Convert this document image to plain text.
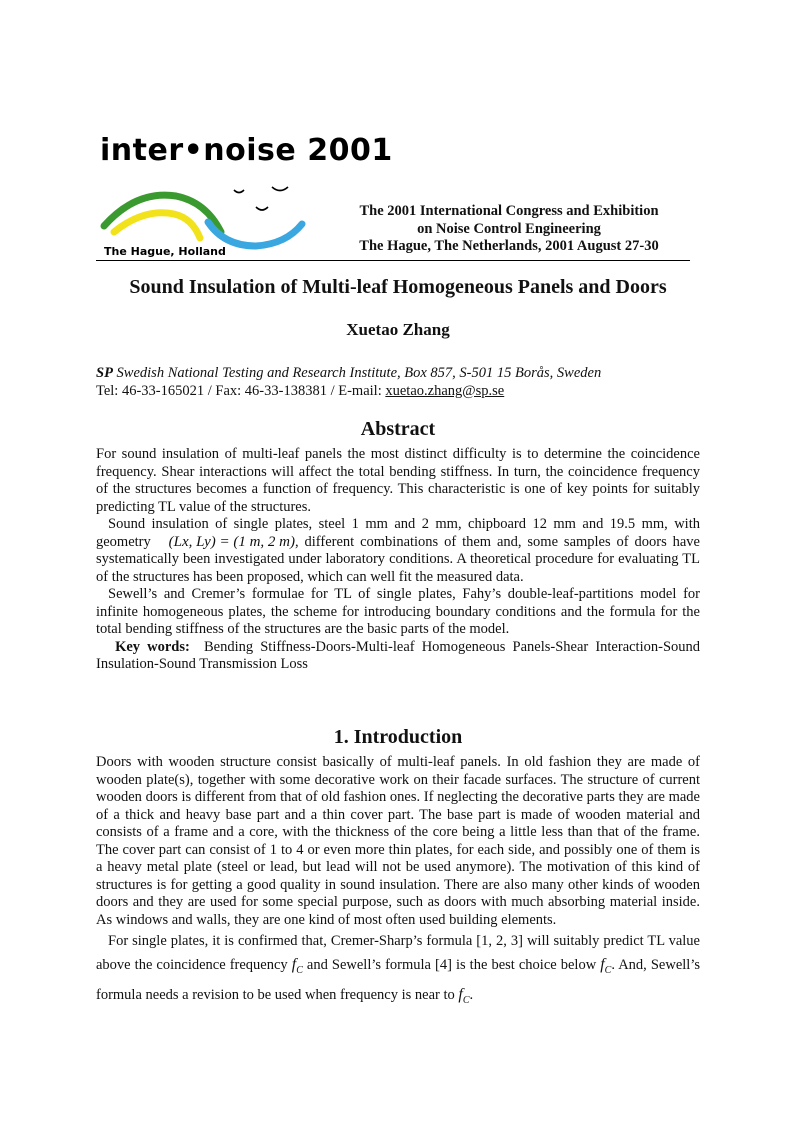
inter•noise 2001
The Hague, Holland
The 2001 International Congress and Exhibition
on Noise Control Engineering
The Hague, The Netherlands, 2001 August 27-30
Sound Insulation of Multi-leaf Homogeneous Panels and Doors
Xuetao Zhang
SP Swedish National Testing and Research Institute, Box 857, S-501 15 Borås, Sweden
Tel: 46-33-165021 / Fax: 46-33-138381 / E-mail: xuetao.zhang@sp.se
Abstract

For sound insulation of multi-leaf panels the most distinct difficulty is to determine the coincidence frequency. Shear interactions will affect the total bending stiffness. In turn, the coincidence frequency of the structures becomes a function of frequency. This characteristic is one of key points for suitably predicting TL value of the structures.

Sound insulation of single plates, steel 1 mm and 2 mm, chipboard 12 mm and 19.5 mm, with geometry (Lx, Ly) = (1 m, 2 m), different combinations of them and, some samples of doors have systematically been investigated under laboratory conditions. A theoretical procedure for evaluating TL of the structures has been proposed, which can well fit the measured data.

Sewell’s and Cremer’s formulae for TL of single plates, Fahy’s double-leaf-partitions model for infinite homogeneous plates, the scheme for introducing boundary conditions and the formula for the total bending stiffness of the structures are the basic parts of the model.

Key words: Bending Stiffness-Doors-Multi-leaf Homogeneous Panels-Shear Interaction-Sound Insulation-Sound Transmission Loss

1. Introduction

Doors with wooden structure consist basically of multi-leaf panels. In old fashion they are made of wooden plate(s), together with some decorative work on their facade surfaces. The structure of current wooden doors is different from that of old fashion ones. If neglecting the decorative parts they are made of a thick and heavy base part and a thin cover part. The base part is made of wooden material and consists of a frame and a core, with the thickness of the core being a little less than that of the frame. The cover part can consist of 1 to 4 or even more thin plates, for each side, and possibly one of them is a heavy metal plate (steel or lead, but lead will not be used anymore). The motivation of this kind of structures is for getting a good quality in sound insulation. There are also many other kinds of wooden doors and they are used for some special purpose, such as doors with much absorbing material inside. As windows and walls, they are one kind of most often used building elements.

For single plates, it is confirmed that, Cremer-Sharp’s formula [1, 2, 3] will suitably predict TL value above the coincidence frequency $f_C$ and Sewell’s formula [4] is the best choice below $f_C$. And, Sewell’s formula needs a revision to be used when frequency is near to $f_C$.
